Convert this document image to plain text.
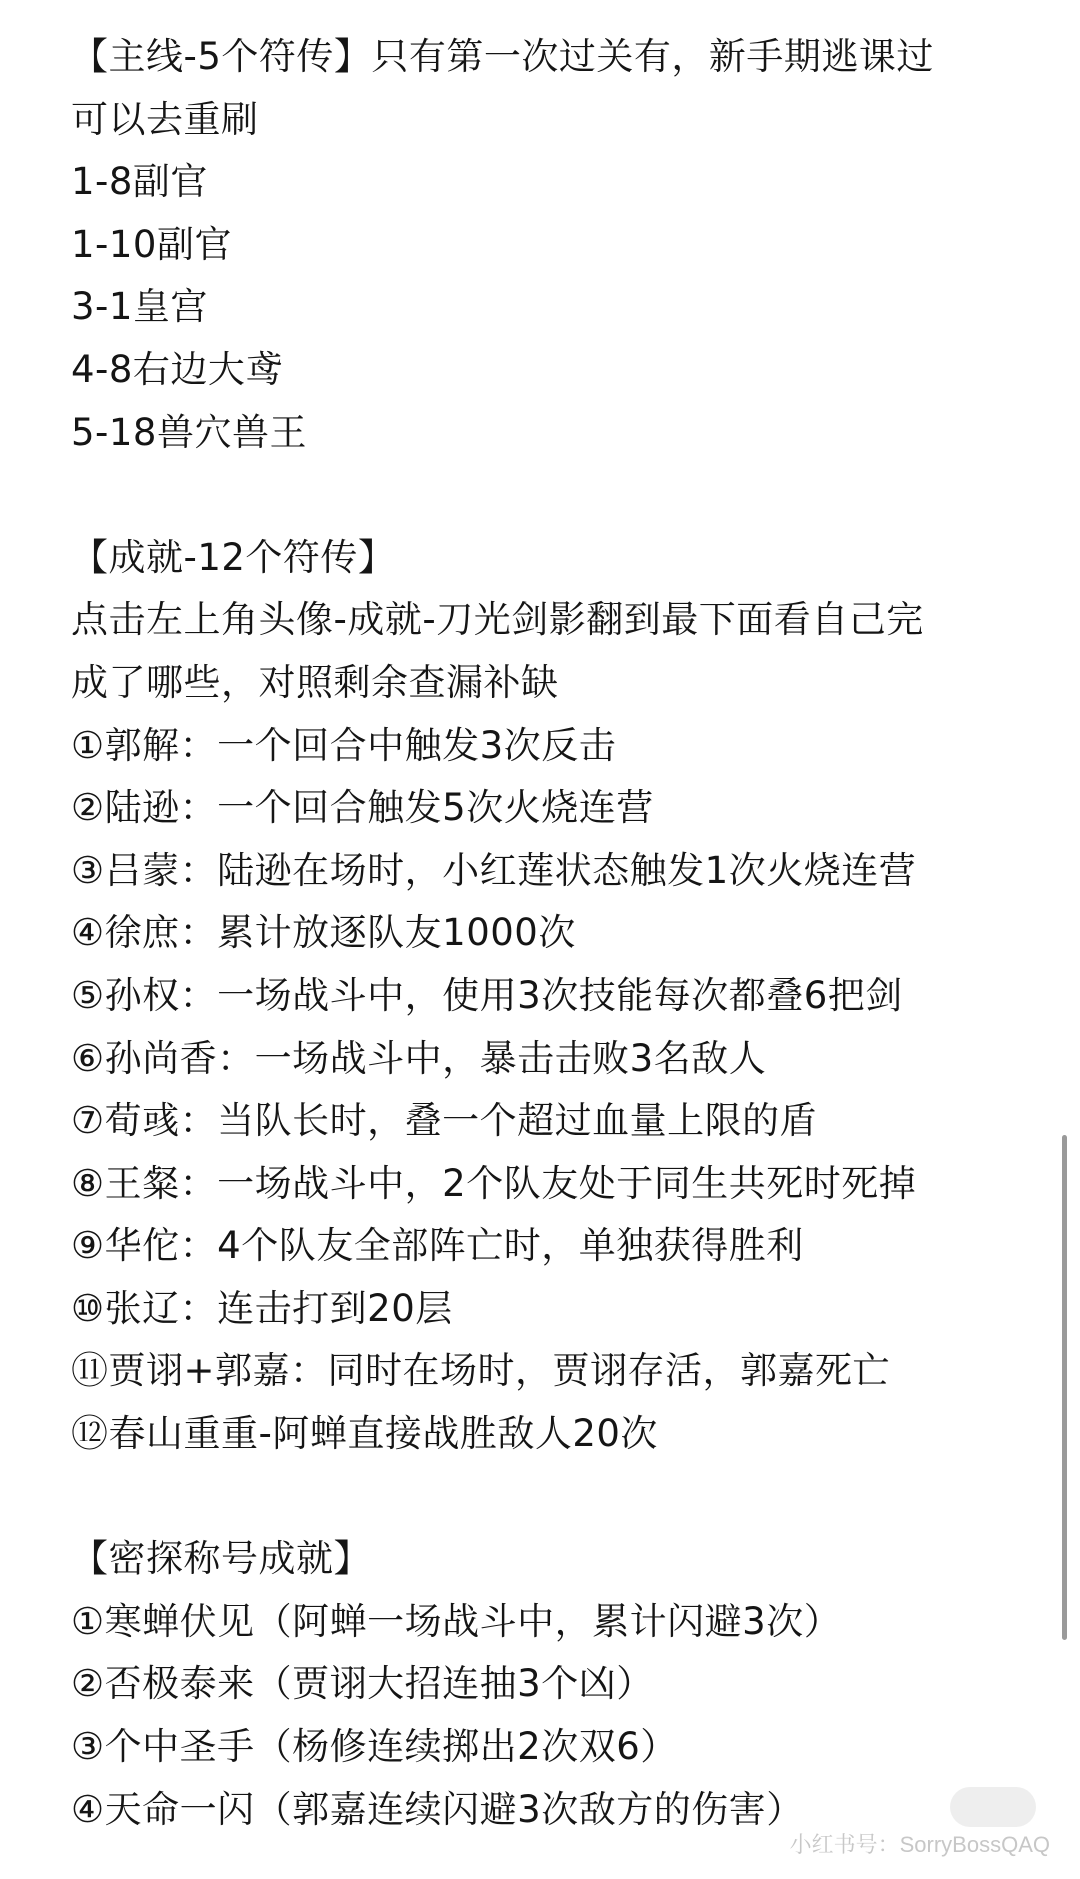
【主线-5个符传】只有第一次过关有，新手期逃课过
可以去重刷
1-8副官
1-10副官
3-1皇宫
4-8右边大鸢
5-18兽穴兽王
【成就-12个符传】
点击左上角头像-成就-刀光剑影翻到最下面看自己完
成了哪些，对照剩余查漏补缺
①郭解：一个回合中触发3次反击
②陆逊：一个回合触发5次火烧连营
③吕蒙：陆逊在场时，小红莲状态触发1次火烧连营
④徐庶：累计放逐队友1000次
⑤孙权：一场战斗中，使用3次技能每次都叠6把剑
⑥孙尚香：一场战斗中，暴击击败3名敌人
⑦荀彧：当队长时，叠一个超过血量上限的盾
⑧王粲：一场战斗中，2个队友处于同生共死时死掉
⑨华佗：4个队友全部阵亡时，单独获得胜利
⑩张辽：连击打到20层
⑪贾诩+郭嘉：同时在场时，贾诩存活，郭嘉死亡
⑫春山重重-阿蝉直接战胜敌人20次
【密探称号成就】
①寒蝉伏见（阿蝉一场战斗中，累计闪避3次）
②否极泰来（贾诩大招连抽3个凶）
③个中圣手（杨修连续掷出2次双6）
④天命一闪（郭嘉连续闪避3次敌方的伤害）
小红书号：SorryBossQAQ
